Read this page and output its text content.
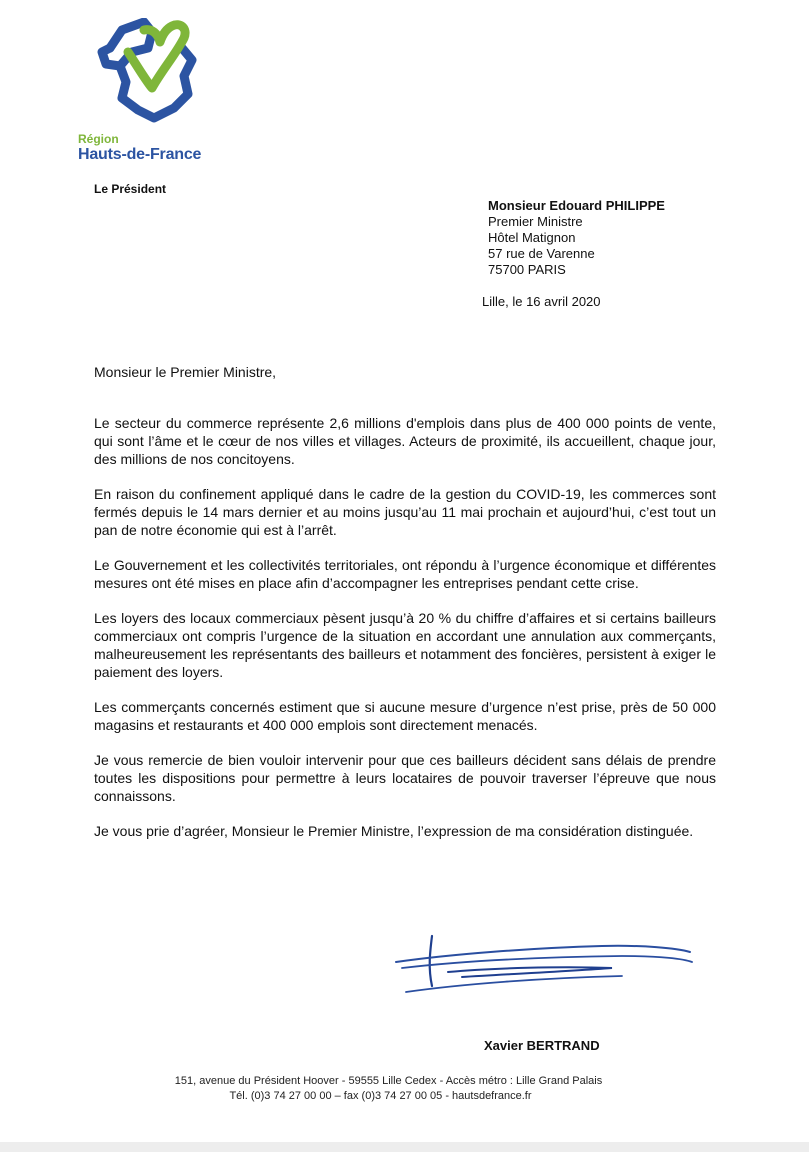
Région
Hauts-de-France
Le Président
Monsieur Edouard PHILIPPE
Premier Ministre
Hôtel Matignon
57 rue de Varenne
75700 PARIS
Lille, le 16 avril 2020
Monsieur le Premier Ministre,

Le secteur du commerce représente 2,6 millions d'emplois dans plus de 400 000 points de vente, qui sont l’âme et le cœur de nos villes et villages. Acteurs de proximité, ils accueillent, chaque jour, des millions de nos concitoyens.

En raison du confinement appliqué dans le cadre de la gestion du COVID-19, les commerces sont fermés depuis le 14 mars dernier et au moins jusqu’au 11 mai prochain et aujourd’hui, c’est tout un pan de notre économie qui est à l’arrêt.

Le Gouvernement et les collectivités territoriales, ont répondu à l’urgence économique et différentes mesures ont été mises en place afin d’accompagner les entreprises pendant cette crise.

Les loyers des locaux commerciaux pèsent jusqu’à 20 % du chiffre d’affaires et si certains bailleurs commerciaux ont compris l’urgence de la situation en accordant une annulation aux commerçants, malheureusement les représentants des bailleurs et notamment des foncières, persistent à exiger le paiement des loyers.

Les commerçants concernés estiment que si aucune mesure d’urgence n’est prise, près de 50 000 magasins et restaurants et 400 000 emplois sont directement menacés.

Je vous remercie de bien vouloir intervenir pour que ces bailleurs décident sans délais de prendre toutes les dispositions pour permettre à leurs locataires de pouvoir traverser l’épreuve que nous connaissons.

Je vous prie d’agréer, Monsieur le Premier Ministre, l’expression de ma considération distinguée.

Xavier BERTRAND
151, avenue du Président Hoover - 59555 Lille Cedex - Accès métro : Lille Grand Palais
Tél. (0)3 74 27 00 00 – fax (0)3 74 27 00 05 - hautsdefrance.fr
